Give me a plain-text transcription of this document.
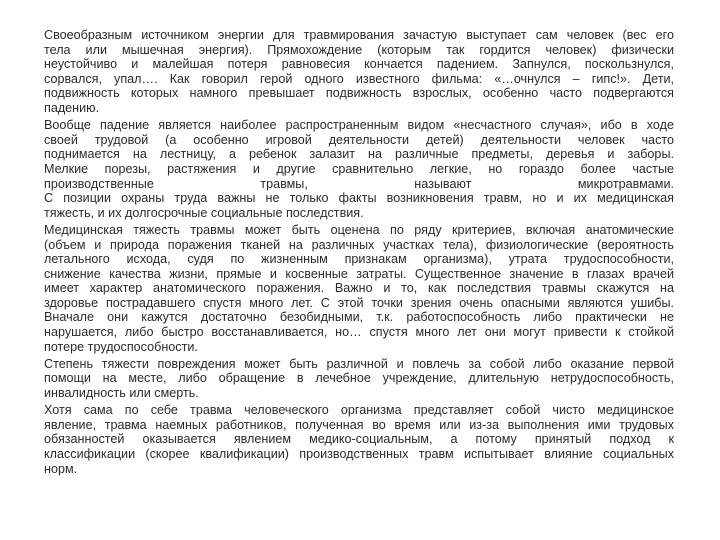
Своеобразным источником энергии для травмирования зачастую выступает сам человек (вес его
тела или мышечная энергия). Прямохождение (которым так гордится человек) физически
неустойчиво и малейшая потеря равновесия кончается падением. Запнулся, поскользнулся,
сорвался, упал…. Как говорил герой одного известного фильма: «…очнулся – гипс!». Дети,
подвижность которых намного превышает подвижность взрослых, особенно часто подвергаются
падению.
Вообще падение является наиболее распространенным видом «несчастного случая», ибо в ходе
своей трудовой (а особенно игровой деятельности детей) деятельности человек часто
поднимается на лестницу, а ребенок залазит на различные предметы, деревья и заборы.
Мелкие порезы, растяжения и другие сравнительно легкие, но гораздо более частые
производственные травмы, называют микротравмами.
С позиции охраны труда важны не только факты возникновения травм, но и их медицинская
тяжесть, и их долгосрочные социальные последствия.
Медицинская тяжесть травмы может быть оценена по ряду критериев, включая анатомические
(объем и природа поражения тканей на различных участках тела), физиологические (вероятность
летального исхода, судя по жизненным признакам организма), утрата трудоспособности,
снижение качества жизни, прямые и косвенные затраты. Существенное значение в глазах врачей
имеет характер анатомического поражения. Важно и то, как последствия травмы скажутся на
здоровье пострадавшего спустя много лет. С этой точки зрения очень опасными являются ушибы.
Вначале они кажутся достаточно безобидными, т.к. работоспособность либо практически не
нарушается, либо быстро восстанавливается, но… спустя много лет они могут привести к стойкой
потере трудоспособности.
Степень тяжести повреждения может быть различной и повлечь за собой либо оказание первой
помощи на месте, либо обращение в лечебное учреждение, длительную нетрудоспособность,
инвалидность или смерть.
Хотя сама по себе травма человеческого организма представляет собой чисто медицинское
явление, травма наемных работников, полученная во время или из-за выполнения ими трудовых
обязанностей оказывается явлением медико-социальным, а потому принятый подход к
классификации (скорее квалификации) производственных травм испытывает влияние социальных
норм.
